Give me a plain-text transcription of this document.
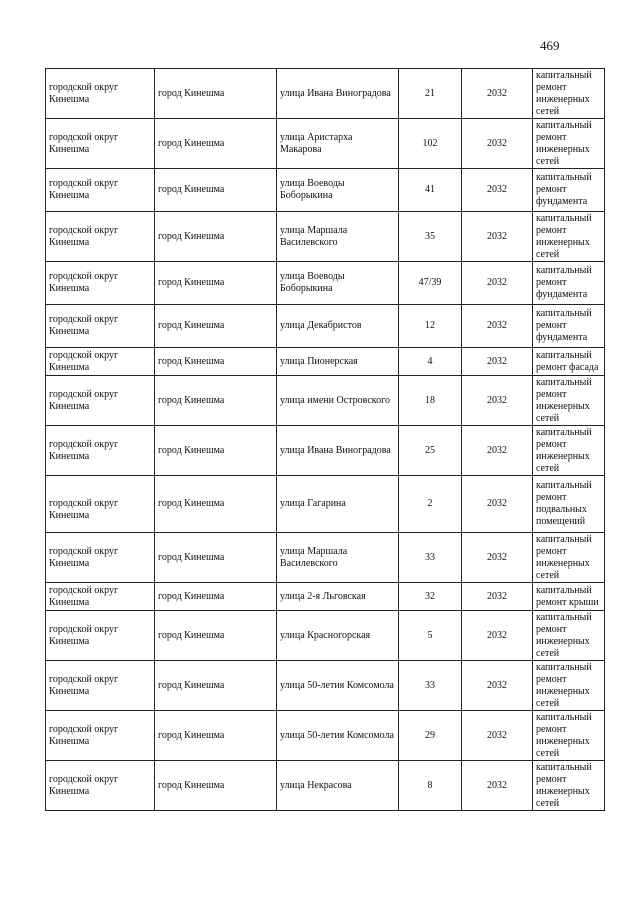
469
городской округ Кинешма	город Кинешма	улица Ивана Виноградова	21	2032	капитальный ремонт инженерных сетей
городской округ Кинешма	город Кинешма	улица Аристарха Макарова	102	2032	капитальный ремонт инженерных сетей
городской округ Кинешма	город Кинешма	улица Воеводы Боборыкина	41	2032	капитальный ремонт фундамента
городской округ Кинешма	город Кинешма	улица Маршала Василевского	35	2032	капитальный ремонт инженерных сетей
городской округ Кинешма	город Кинешма	улица Воеводы Боборыкина	47/39	2032	капитальный ремонт фундамента
городской округ Кинешма	город Кинешма	улица Декабристов	12	2032	капитальный ремонт фундамента
городской округ Кинешма	город Кинешма	улица Пионерская	4	2032	капитальный ремонт фасада
городской округ Кинешма	город Кинешма	улица имени Островского	18	2032	капитальный ремонт инженерных сетей
городской округ Кинешма	город Кинешма	улица Ивана Виноградова	25	2032	капитальный ремонт инженерных сетей
городской округ Кинешма	город Кинешма	улица Гагарина	2	2032	капитальный ремонт подвальных помещений
городской округ Кинешма	город Кинешма	улица Маршала Василевского	33	2032	капитальный ремонт инженерных сетей
городской округ Кинешма	город Кинешма	улица 2-я Льговская	32	2032	капитальный ремонт крыши
городской округ Кинешма	город Кинешма	улица Красногорская	5	2032	капитальный ремонт инженерных сетей
городской округ Кинешма	город Кинешма	улица 50-летия Комсомола	33	2032	капитальный ремонт инженерных сетей
городской округ Кинешма	город Кинешма	улица 50-летия Комсомола	29	2032	капитальный ремонт инженерных сетей
городской округ Кинешма	город Кинешма	улица Некрасова	8	2032	капитальный ремонт инженерных сетей
